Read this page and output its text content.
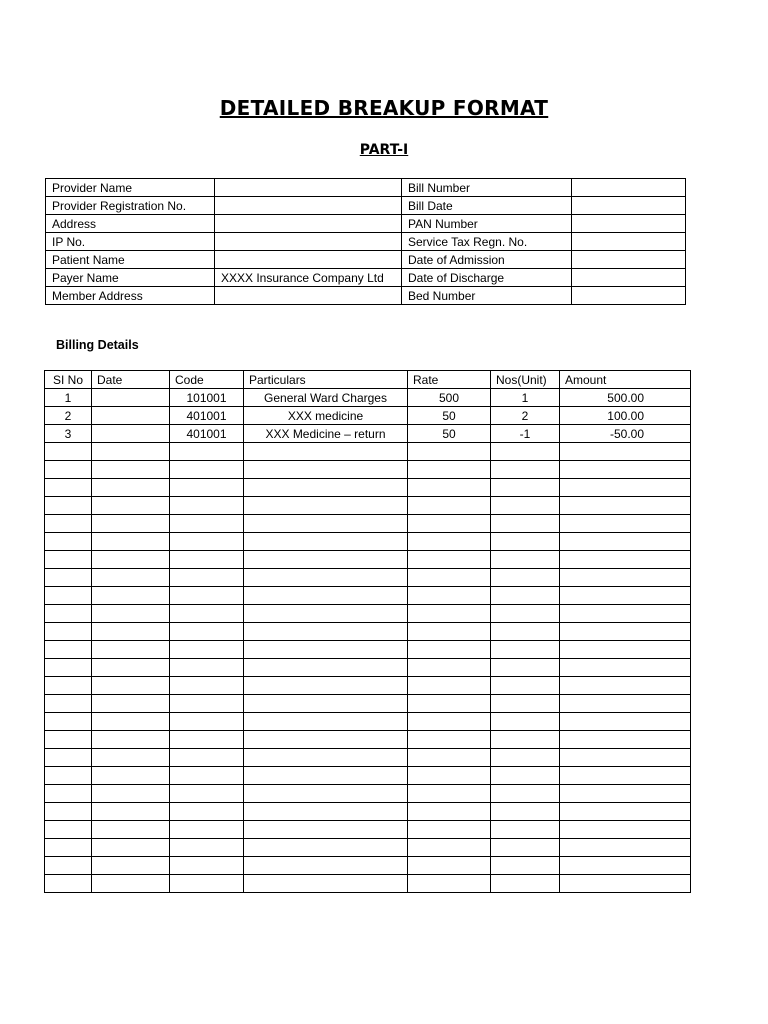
DETAILED BREAKUP FORMAT
PART-I
Provider Name		Bill Number	
Provider Registration No.		Bill Date	
Address		PAN Number	
IP No.		Service Tax Regn. No.	
Patient Name		Date of Admission	
Payer Name	XXXX Insurance Company Ltd	Date of Discharge	
Member Address		Bed Number	
Billing Details
SI No	Date	Code	Particulars	Rate	Nos(Unit)	Amount
1		101001	General Ward Charges	500	1	500.00
2		401001	XXX medicine	50	2	100.00
3		401001	XXX Medicine – return	50	-1	-50.00
